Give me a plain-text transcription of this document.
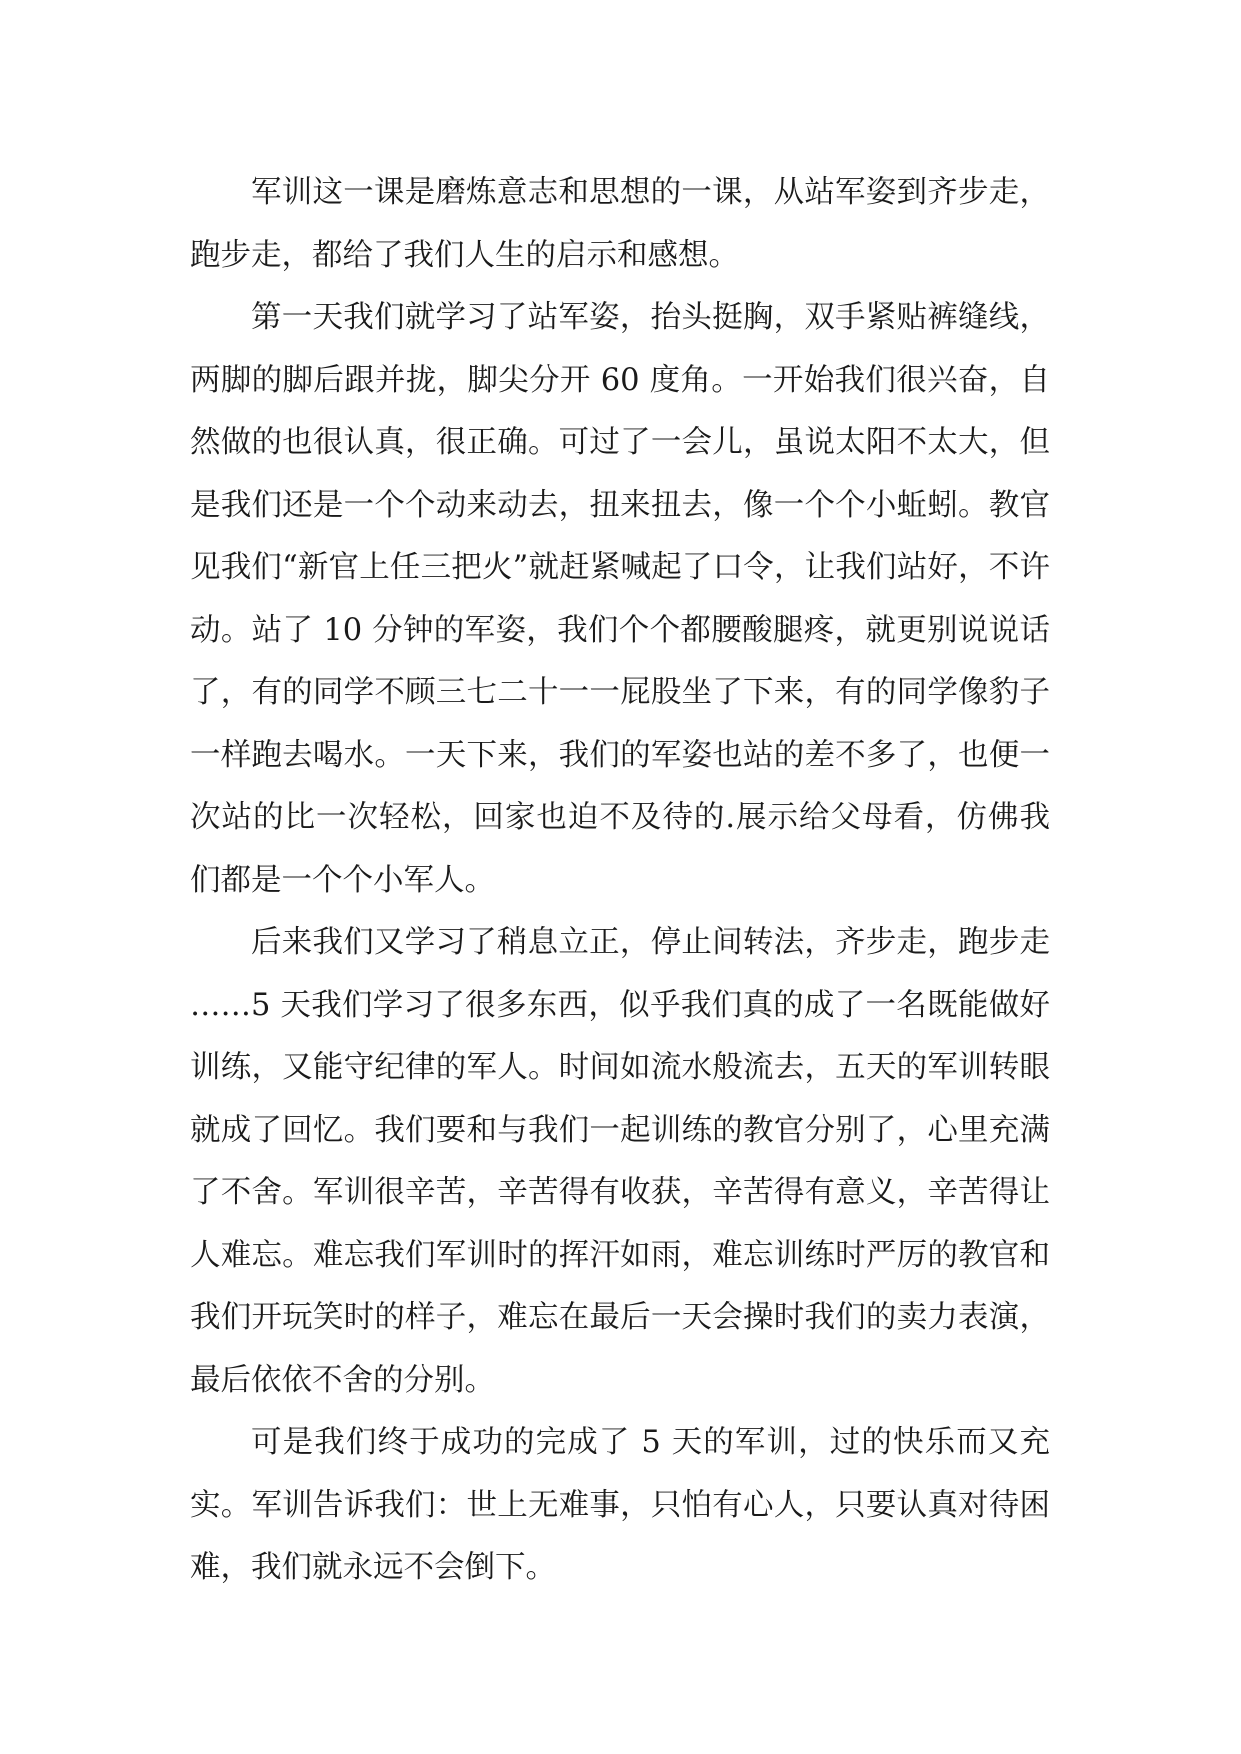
军训这一课是磨炼意志和思想的一课，从站军姿到齐步走，跑步走，都给了我们人生的启示和感想。

第一天我们就学习了站军姿，抬头挺胸，双手紧贴裤缝线，两脚的脚后跟并拢，脚尖分开 60 度角。一开始我们很兴奋，自然做的也很认真，很正确。可过了一会儿，虽说太阳不太大，但是我们还是一个个动来动去，扭来扭去，像一个个小蚯蚓。教官见我们“新官上任三把火”就赶紧喊起了口令，让我们站好，不许动。站了 10 分钟的军姿，我们个个都腰酸腿疼，就更别说说话了，有的同学不顾三七二十一一屁股坐了下来，有的同学像豹子一样跑去喝水。一天下来，我们的军姿也站的差不多了，也便一次站的比一次轻松，回家也迫不及待的.展示给父母看，仿佛我们都是一个个小军人。

后来我们又学习了稍息立正，停止间转法，齐步走，跑步走……5 天我们学习了很多东西，似乎我们真的成了一名既能做好训练，又能守纪律的军人。时间如流水般流去，五天的军训转眼就成了回忆。我们要和与我们一起训练的教官分别了，心里充满了不舍。军训很辛苦，辛苦得有收获，辛苦得有意义，辛苦得让人难忘。难忘我们军训时的挥汗如雨，难忘训练时严厉的教官和我们开玩笑时的样子，难忘在最后一天会操时我们的卖力表演，最后依依不舍的分别。

可是我们终于成功的完成了 5 天的军训，过的快乐而又充实。军训告诉我们：世上无难事，只怕有心人，只要认真对待困难，我们就永远不会倒下。
